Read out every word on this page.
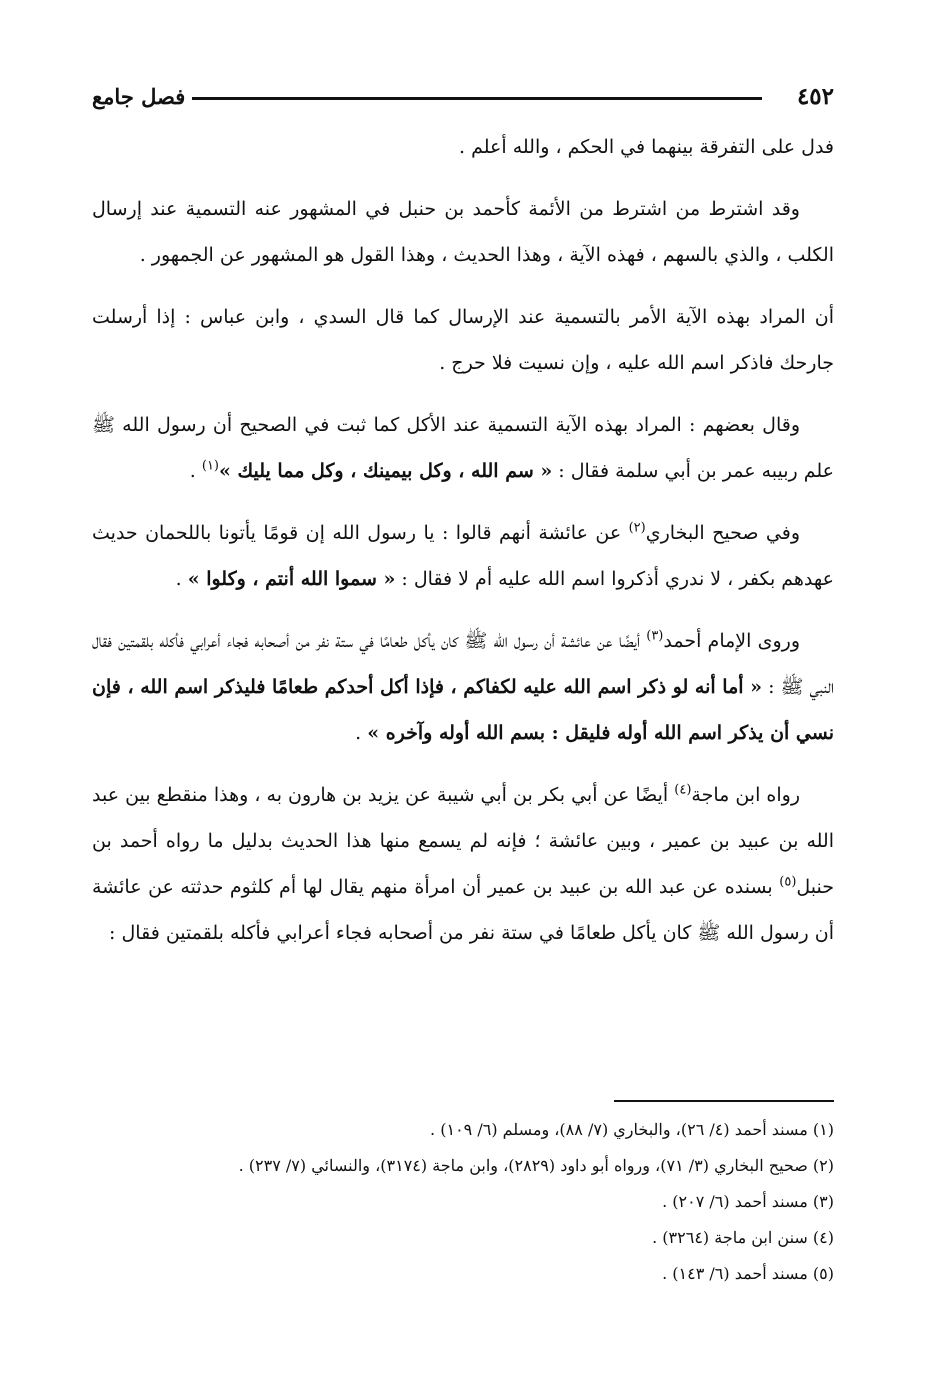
٤٥٢
فصل جامع

فدل على التفرقة بينهما في الحكم ، والله أعلم .

وقد اشترط من اشترط من الأئمة كأحمد بن حنبل في المشهور عنه التسمية عند إرسال الكلب ، والذي بالسهم ، فهذه الآية ، وهذا الحديث ، وهذا القول هو المشهور عن الجمهور .

أن المراد بهذه الآية الأمر بالتسمية عند الإرسال كما قال السدي ، وابن عباس : إذا أرسلت جارحك فاذكر اسم الله عليه ، وإن نسيت فلا حرج .

وقال بعضهم : المراد بهذه الآية التسمية عند الأكل كما ثبت في الصحيح أن رسول الله ﷺ علم ربيبه عمر بن أبي سلمة فقال : « سم الله ، وكل بيمينك ، وكل مما يليك »$^{(١)}$ .

وفي صحيح البخاري$^{(٢)}$ عن عائشة أنهم قالوا : يا رسول الله إن قومًا يأتونا باللحمان حديث عهدهم بكفر ، لا ندري أذكروا اسم الله عليه أم لا فقال : « سموا الله أنتم ، وكلوا » .

وروى الإمام أحمد$^{(٣)}$ أيضًا عن عائشة أن رسول الله ﷺ كان يأكل طعامًا في ستة نفر من أصحابه فجاء أعرابي فأكله بلقمتين فقال النبي ﷺ : « أما أنه لو ذكر اسم الله عليه لكفاكم ، فإذا أكل أحدكم طعامًا فليذكر اسم الله ، فإن نسي أن يذكر اسم الله أوله فليقل : بسم الله أوله وآخره » .

رواه ابن ماجة$^{(٤)}$ أيضًا عن أبي بكر بن أبي شيبة عن يزيد بن هارون به ، وهذا منقطع بين عبد الله بن عبيد بن عمير ، وبين عائشة ؛ فإنه لم يسمع منها هذا الحديث بدليل ما رواه أحمد بن حنبل$^{(٥)}$ بسنده عن عبد الله بن عبيد بن عمير أن امرأة منهم يقال لها أم كلثوم حدثته عن عائشة أن رسول الله ﷺ كان يأكل طعامًا في ستة نفر من أصحابه فجاء أعرابي فأكله بلقمتين فقال :

(١) مسند أحمد (٤/ ٢٦)، والبخاري (٧/ ٨٨)، ومسلم (٦/ ١٠٩) .
(٢) صحيح البخاري (٣/ ٧١)، ورواه أبو داود (٢٨٢٩)، وابن ماجة (٣١٧٤)، والنسائي (٧/ ٢٣٧) .
(٣) مسند أحمد (٦/ ٢٠٧) .
(٤) سنن ابن ماجة (٣٢٦٤) .
(٥) مسند أحمد (٦/ ١٤٣) .
